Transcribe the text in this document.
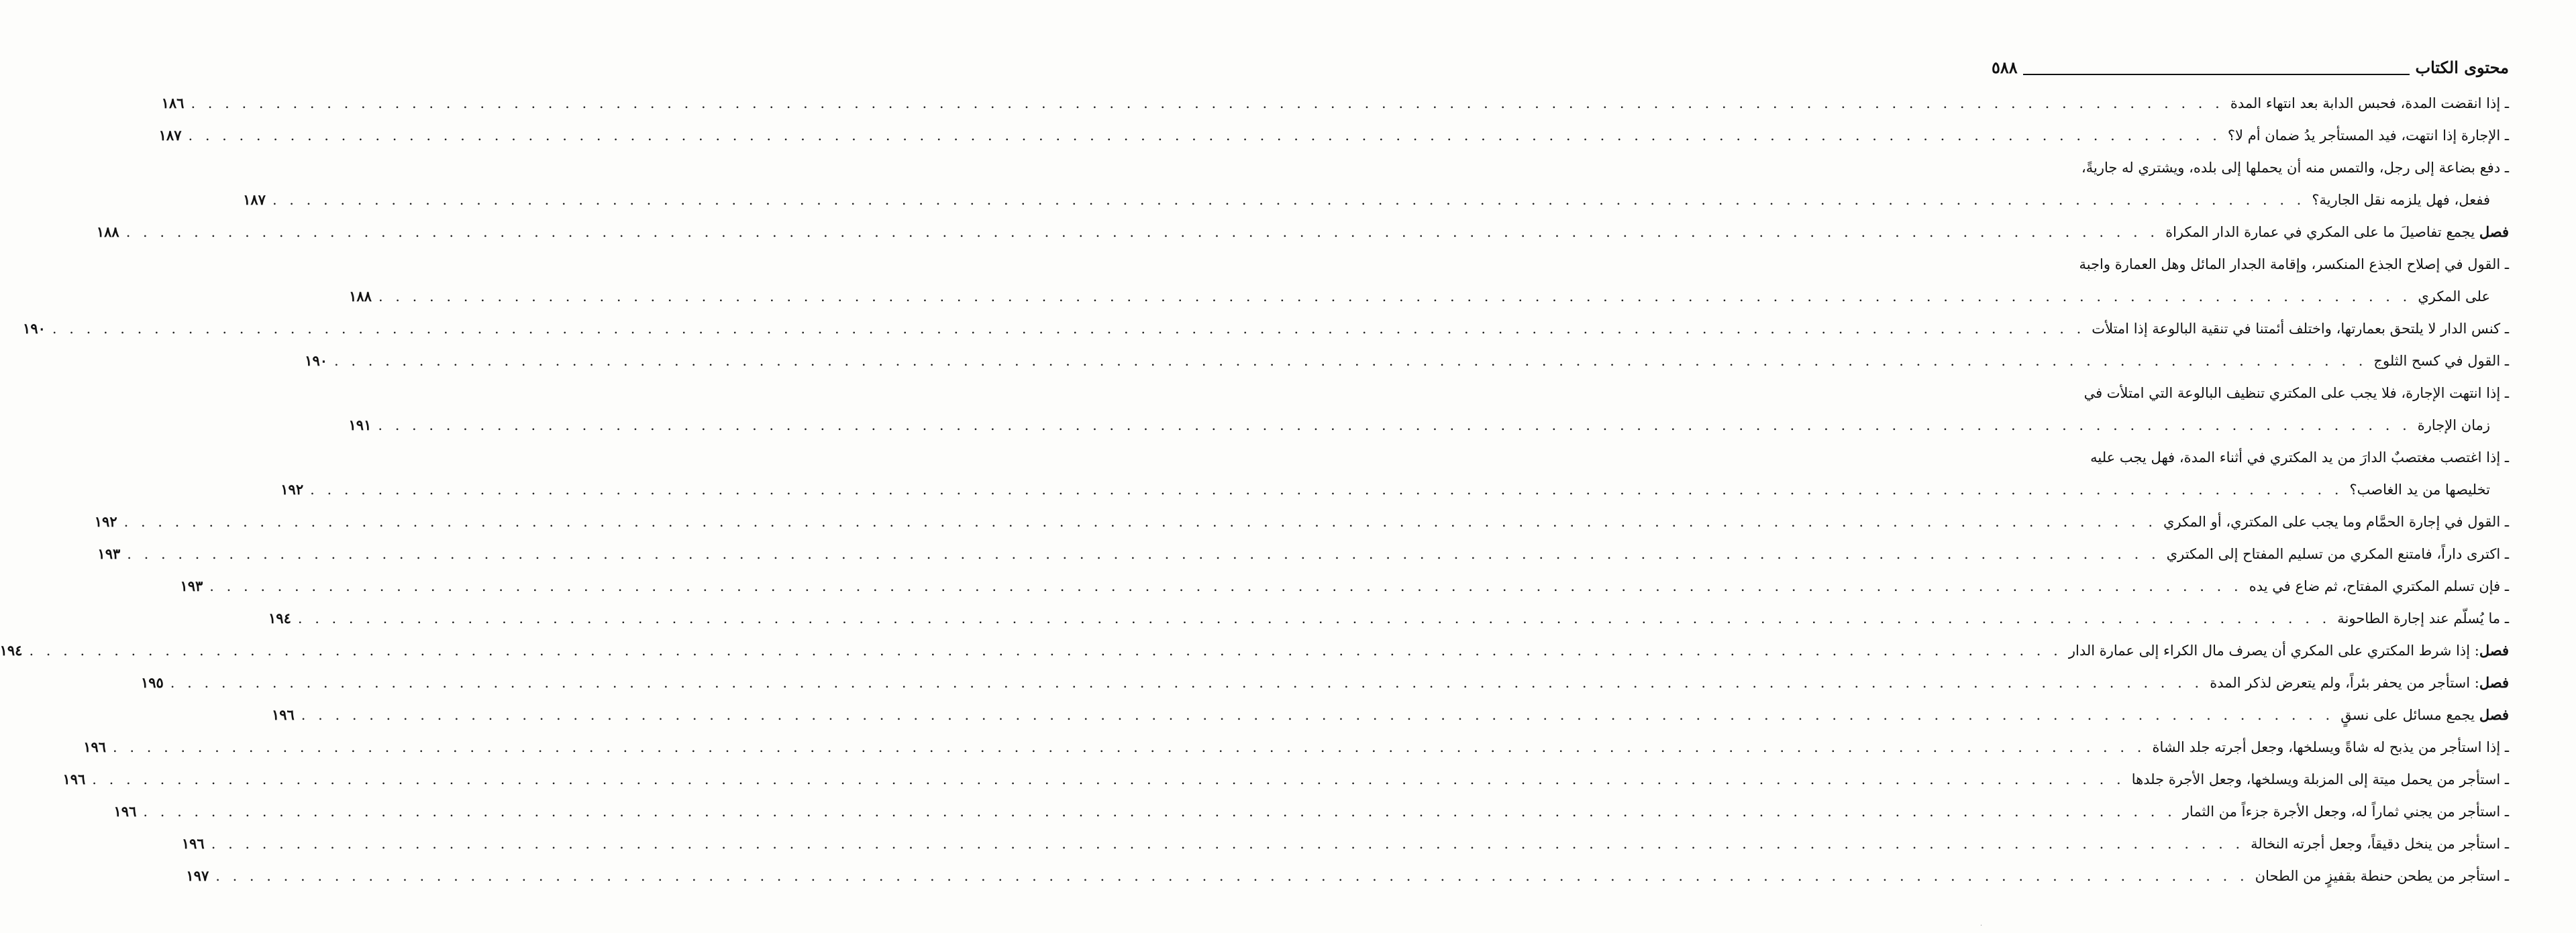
محتوى الكتاب
٥٨٨
ـ إذا انقضت المدة، فحبس الدابة بعد انتهاء المدة
. . . . . . . . . . . . . . . . . . . . . . . . . . . . . . . . . . . . . . . . . . . . . . . . . . . . . . . . . . . . . . . . . . . . . . . . . . . . . . . . . . . . . . . . . . . . . . . . . . . . . . . . . . . . . . . . . . . . . . . .
١٨٦
ـ الإجارة إذا انتهت، فيد المستأجر يدُ ضمان أم لا؟
. . . . . . . . . . . . . . . . . . . . . . . . . . . . . . . . . . . . . . . . . . . . . . . . . . . . . . . . . . . . . . . . . . . . . . . . . . . . . . . . . . . . . . . . . . . . . . . . . . . . . . . . . . . . . . . . . . . . . . . .
١٨٧
ـ دفع بضاعة إلى رجل، والتمس منه أن يحملها إلى بلده، ويشتري له جاريةً،
ففعل، فهل يلزمه نقل الجارية؟
. . . . . . . . . . . . . . . . . . . . . . . . . . . . . . . . . . . . . . . . . . . . . . . . . . . . . . . . . . . . . . . . . . . . . . . . . . . . . . . . . . . . . . . . . . . . . . . . . . . . . . . . . . . . . . . . . . . . . . . .
١٨٧
فصل يجمع تفاصيلَ ما على المكري في عمارة الدار المكراة
. . . . . . . . . . . . . . . . . . . . . . . . . . . . . . . . . . . . . . . . . . . . . . . . . . . . . . . . . . . . . . . . . . . . . . . . . . . . . . . . . . . . . . . . . . . . . . . . . . . . . . . . . . . . . . . . . . . . . . . .
١٨٨
ـ القول في إصلاح الجذع المنكسر، وإقامة الجدار المائل وهل العمارة واجبة
على المكري
. . . . . . . . . . . . . . . . . . . . . . . . . . . . . . . . . . . . . . . . . . . . . . . . . . . . . . . . . . . . . . . . . . . . . . . . . . . . . . . . . . . . . . . . . . . . . . . . . . . . . . . . . . . . . . . . . . . . . . . .
١٨٨
ـ كنس الدار لا يلتحق بعمارتها، واختلف أئمتنا في تنقية البالوعة إذا امتلأت
. . . . . . . . . . . . . . . . . . . . . . . . . . . . . . . . . . . . . . . . . . . . . . . . . . . . . . . . . . . . . . . . . . . . . . . . . . . . . . . . . . . . . . . . . . . . . . . . . . . . . . . . . . . . . . . . . . . . . . . .
١٩٠
ـ القول في كسح الثلوج
. . . . . . . . . . . . . . . . . . . . . . . . . . . . . . . . . . . . . . . . . . . . . . . . . . . . . . . . . . . . . . . . . . . . . . . . . . . . . . . . . . . . . . . . . . . . . . . . . . . . . . . . . . . . . . . . . . . . . . . .
١٩٠
ـ إذا انتهت الإجارة، فلا يجب على المكتري تنظيف البالوعة التي امتلأت في
زمان الإجارة
. . . . . . . . . . . . . . . . . . . . . . . . . . . . . . . . . . . . . . . . . . . . . . . . . . . . . . . . . . . . . . . . . . . . . . . . . . . . . . . . . . . . . . . . . . . . . . . . . . . . . . . . . . . . . . . . . . . . . . . .
١٩١
ـ إذا اغتصب مغتصبٌ الدارَ من يد المكتري في أثناء المدة، فهل يجب عليه
تخليصها من يد الغاصب؟
. . . . . . . . . . . . . . . . . . . . . . . . . . . . . . . . . . . . . . . . . . . . . . . . . . . . . . . . . . . . . . . . . . . . . . . . . . . . . . . . . . . . . . . . . . . . . . . . . . . . . . . . . . . . . . . . . . . . . . . .
١٩٢
ـ القول في إجارة الحمَّام وما يجب على المكتري، أو المكري
. . . . . . . . . . . . . . . . . . . . . . . . . . . . . . . . . . . . . . . . . . . . . . . . . . . . . . . . . . . . . . . . . . . . . . . . . . . . . . . . . . . . . . . . . . . . . . . . . . . . . . . . . . . . . . . . . . . . . . . .
١٩٢
ـ اكترى داراً، فامتنع المكري من تسليم المفتاح إلى المكتري
. . . . . . . . . . . . . . . . . . . . . . . . . . . . . . . . . . . . . . . . . . . . . . . . . . . . . . . . . . . . . . . . . . . . . . . . . . . . . . . . . . . . . . . . . . . . . . . . . . . . . . . . . . . . . . . . . . . . . . . .
١٩٣
ـ فإن تسلم المكتري المفتاح، ثم ضاع في يده
. . . . . . . . . . . . . . . . . . . . . . . . . . . . . . . . . . . . . . . . . . . . . . . . . . . . . . . . . . . . . . . . . . . . . . . . . . . . . . . . . . . . . . . . . . . . . . . . . . . . . . . . . . . . . . . . . . . . . . . .
١٩٣
ـ ما يُسلّم عند إجارة الطاحونة
. . . . . . . . . . . . . . . . . . . . . . . . . . . . . . . . . . . . . . . . . . . . . . . . . . . . . . . . . . . . . . . . . . . . . . . . . . . . . . . . . . . . . . . . . . . . . . . . . . . . . . . . . . . . . . . . . . . . . . . .
١٩٤
فصل: إذا شرط المكتري على المكري أن يصرف مال الكراء إلى عمارة الدار
. . . . . . . . . . . . . . . . . . . . . . . . . . . . . . . . . . . . . . . . . . . . . . . . . . . . . . . . . . . . . . . . . . . . . . . . . . . . . . . . . . . . . . . . . . . . . . . . . . . . . . . . . . . . . . . . . . . . . . . .
١٩٤
فصل: استأجر من يحفر بئراً، ولم يتعرض لذكر المدة
. . . . . . . . . . . . . . . . . . . . . . . . . . . . . . . . . . . . . . . . . . . . . . . . . . . . . . . . . . . . . . . . . . . . . . . . . . . . . . . . . . . . . . . . . . . . . . . . . . . . . . . . . . . . . . . . . . . . . . . .
١٩٥
فصل يجمع مسائل على نسقٍ
. . . . . . . . . . . . . . . . . . . . . . . . . . . . . . . . . . . . . . . . . . . . . . . . . . . . . . . . . . . . . . . . . . . . . . . . . . . . . . . . . . . . . . . . . . . . . . . . . . . . . . . . . . . . . . . . . . . . . . . .
١٩٦
ـ إذا استأجر من يذبح له شاةً ويسلخها، وجعل أجرته جلد الشاة
. . . . . . . . . . . . . . . . . . . . . . . . . . . . . . . . . . . . . . . . . . . . . . . . . . . . . . . . . . . . . . . . . . . . . . . . . . . . . . . . . . . . . . . . . . . . . . . . . . . . . . . . . . . . . . . . . . . . . . . .
١٩٦
ـ استأجر من يحمل ميتة إلى المزبلة ويسلخها، وجعل الأجرة جلدها
. . . . . . . . . . . . . . . . . . . . . . . . . . . . . . . . . . . . . . . . . . . . . . . . . . . . . . . . . . . . . . . . . . . . . . . . . . . . . . . . . . . . . . . . . . . . . . . . . . . . . . . . . . . . . . . . . . . . . . . .
١٩٦
ـ استأجر من يجني ثماراً له، وجعل الأجرة جزءاً من الثمار
. . . . . . . . . . . . . . . . . . . . . . . . . . . . . . . . . . . . . . . . . . . . . . . . . . . . . . . . . . . . . . . . . . . . . . . . . . . . . . . . . . . . . . . . . . . . . . . . . . . . . . . . . . . . . . . . . . . . . . . .
١٩٦
ـ استأجر من ينخل دقيقاً، وجعل أجرته النخالة
. . . . . . . . . . . . . . . . . . . . . . . . . . . . . . . . . . . . . . . . . . . . . . . . . . . . . . . . . . . . . . . . . . . . . . . . . . . . . . . . . . . . . . . . . . . . . . . . . . . . . . . . . . . . . . . . . . . . . . . .
١٩٦
ـ استأجر من يطحن حنطة بقفيزٍ من الطحان
. . . . . . . . . . . . . . . . . . . . . . . . . . . . . . . . . . . . . . . . . . . . . . . . . . . . . . . . . . . . . . . . . . . . . . . . . . . . . . . . . . . . . . . . . . . . . . . . . . . . . . . . . . . . . . . . . . . . . . . .
١٩٧
·
